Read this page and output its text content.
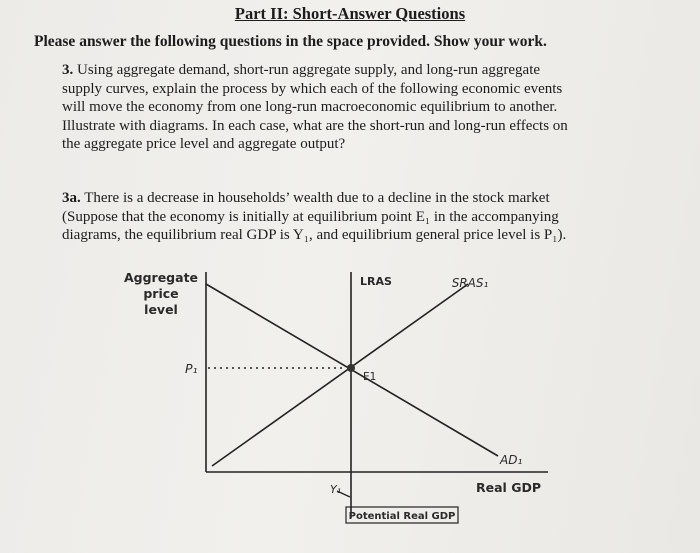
Part II: Short-Answer Questions
Please answer the following questions in the space provided. Show your work.
3. Using aggregate demand, short-run aggregate supply, and long-run aggregate
supply curves, explain the process by which each of the following economic events
will move the economy from one long-run macroeconomic equilibrium to another.
Illustrate with diagrams. In each case, what are the short-run and long-run effects on
the aggregate price level and aggregate output?
3a. There is a decrease in households’ wealth due to a decline in the stock market
(Suppose that the economy is initially at equilibrium point E₁ in the accompanying
diagrams, the equilibrium real GDP is Y₁, and equilibrium general price level is P₁).
Aggregate
price
level
Real GDP
LRAS	SRAS₁
AD₁
E1
P₁
Y₁
Potential Real GDP
